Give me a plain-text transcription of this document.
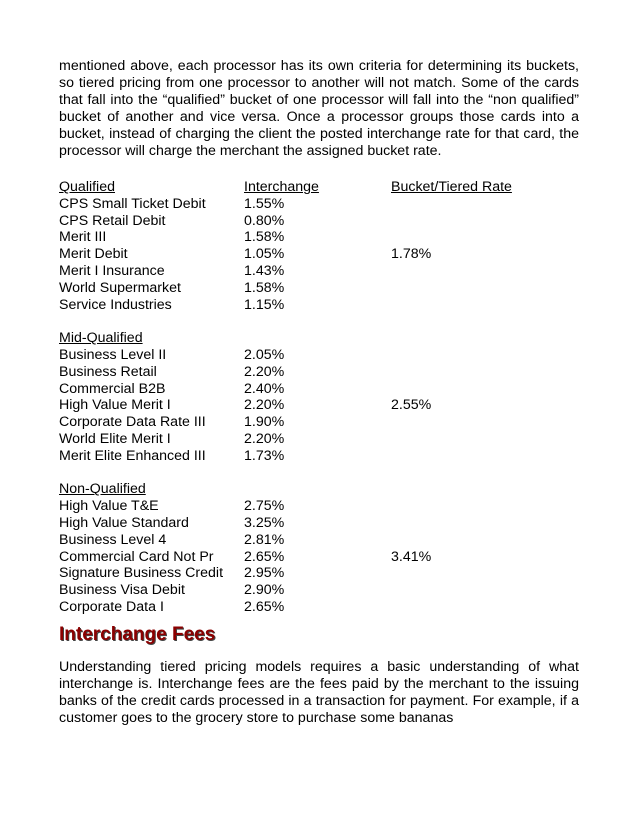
mentioned above, each processor has its own criteria for determining its buckets, so tiered pricing from one processor to another will not match. Some of the cards that fall into the “qualified” bucket of one processor will fall into the “non qualified” bucket of another and vice versa. Once a processor groups those cards into a bucket, instead of charging the client the posted interchange rate for that card, the processor will charge the merchant the assigned bucket rate.

Qualified	Interchange	Bucket/Tiered Rate
CPS Small Ticket Debit	1.55%
CPS Retail Debit	0.80%
Merit III	1.58%
Merit Debit	1.05%	1.78%
Merit I Insurance	1.43%
World Supermarket	1.58%
Service Industries	1.15%
Mid-Qualified
Business Level II	2.05%
Business Retail	2.20%
Commercial B2B	2.40%
High Value Merit I	2.20%	2.55%
Corporate Data Rate III	1.90%
World Elite Merit I	2.20%
Merit Elite Enhanced III	1.73%
Non-Qualified
High Value T&E	2.75%
High Value Standard	3.25%
Business Level 4	2.81%
Commercial Card Not Pr	2.65%	3.41%
Signature Business Credit	2.95%
Business Visa Debit	2.90%
Corporate Data I	2.65%
Interchange Fees

Understanding tiered pricing models requires a basic understanding of what interchange is. Interchange fees are the fees paid by the merchant to the issuing banks of the credit cards processed in a transaction for payment. For example, if a customer goes to the grocery store to purchase some bananas
